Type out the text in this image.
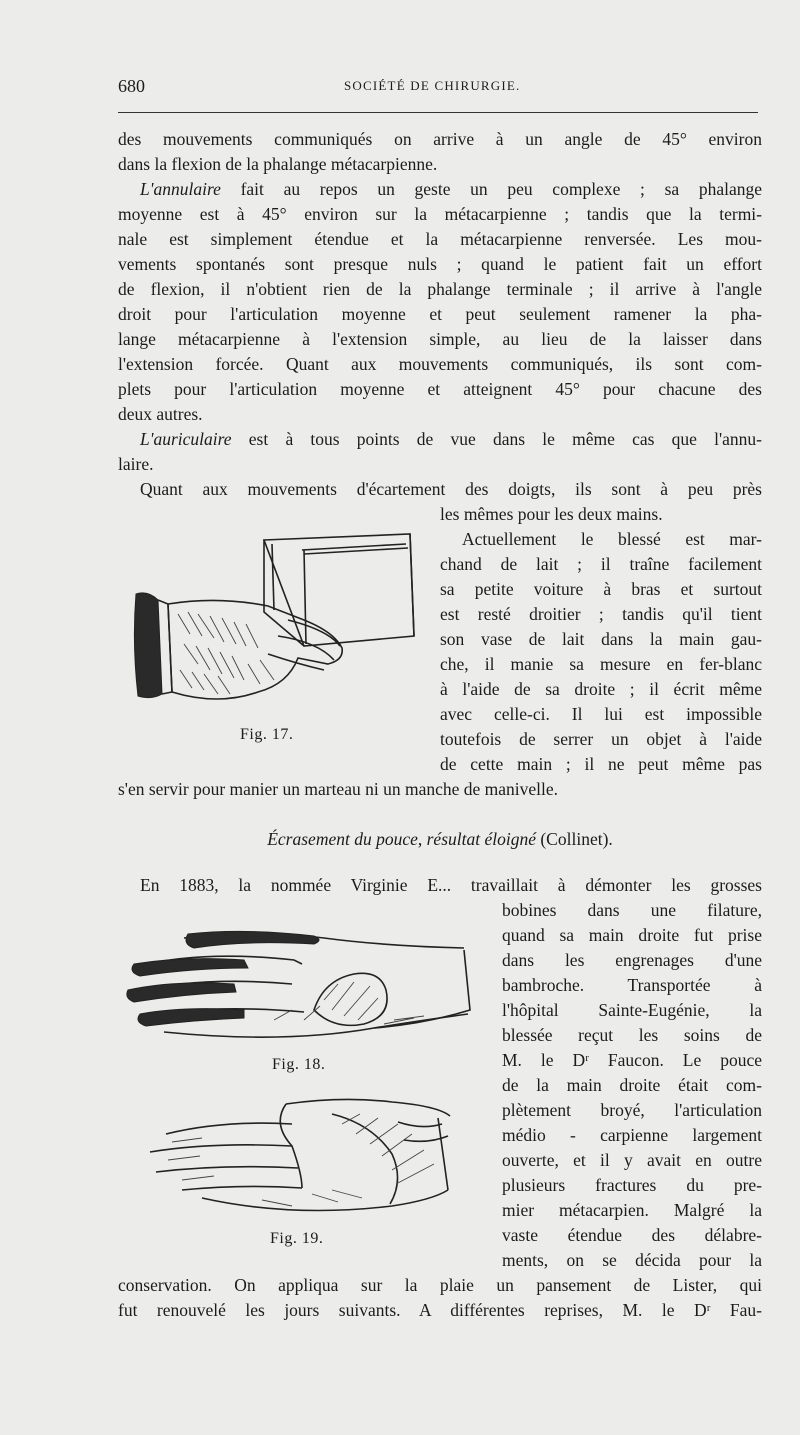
680	SOCIÉTÉ DE CHIRURGIE.
des mouvements communiqués on arrive à un angle de 45° environ
dans la flexion de la phalange métacarpienne.
L'annulaire fait au repos un geste un peu complexe ; sa phalange
moyenne est à 45° environ sur la métacarpienne ; tandis que la termi-
nale est simplement étendue et la métacarpienne renversée. Les mou-
vements spontanés sont presque nuls ; quand le patient fait un effort
de flexion, il n'obtient rien de la phalange terminale ; il arrive à l'angle
droit pour l'articulation moyenne et peut seulement ramener la pha-
lange métacarpienne à l'extension simple, au lieu de la laisser dans
l'extension forcée. Quant aux mouvements communiqués, ils sont com-
plets pour l'articulation moyenne et atteignent 45° pour chacune des
deux autres.
L'auriculaire est à tous points de vue dans le même cas que l'annu-
laire.
Quant aux mouvements d'écartement des doigts, ils sont à peu près
les mêmes pour les deux mains.
Actuellement le blessé est mar-
chand de lait ; il traîne facilement
sa petite voiture à bras et surtout
est resté droitier ; tandis qu'il tient
son vase de lait dans la main gau-
che, il manie sa mesure en fer-blanc
à l'aide de sa droite ; il écrit même
avec celle-ci. Il lui est impossible
toutefois de serrer un objet à l'aide
de cette main ; il ne peut même pas
s'en servir pour manier un marteau ni un manche de manivelle.
Fig. 17.
Écrasement du pouce, résultat éloigné (Collinet).
En 1883, la nommée Virginie E... travaillait à démonter les grosses
bobines dans une filature,
quand sa main droite fut prise
dans les engrenages d'une
bambroche. Transportée à
l'hôpital Sainte-Eugénie, la
blessée reçut les soins de
M. le Dʳ Faucon. Le pouce
de la main droite était com-
plètement broyé, l'articulation
médio - carpienne largement
ouverte, et il y avait en outre
plusieurs fractures du pre-
mier métacarpien. Malgré la
vaste étendue des délabre-
ments, on se décida pour la
conservation. On appliqua sur la plaie un pansement de Lister, qui
fut renouvelé les jours suivants. A différentes reprises, M. le Dʳ Fau-
Fig. 18.
Fig. 19.
